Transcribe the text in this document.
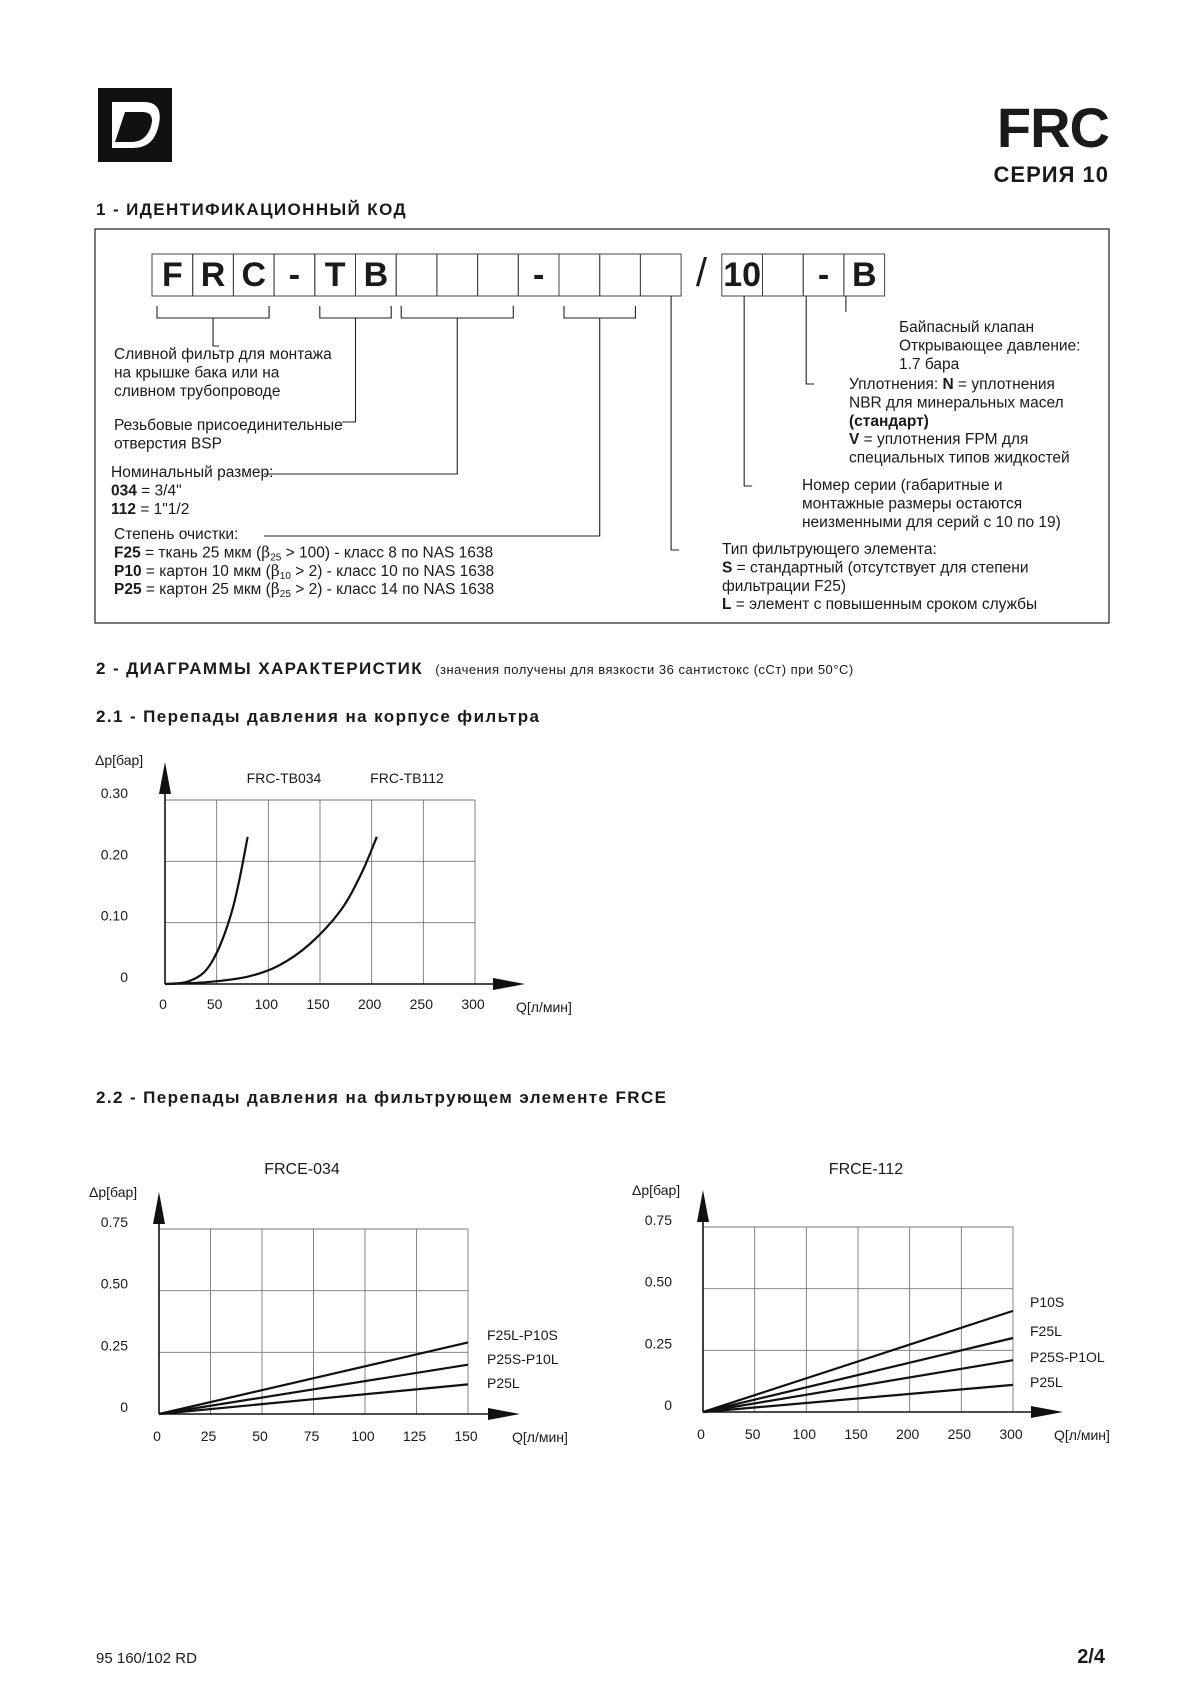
FRC
СЕРИЯ 10
1 - ИДЕНТИФИКАЦИОННЫЙ КОД
F R C - T B	-	/ 10 - B
Сливной фильтр для монтажа
на крышке бака или на
сливном трубопроводе
Резьбовые присоединительные
отверстия BSP
Номинальный размер:
034 = 3/4"
112 = 1"1/2
Степень очистки:
F25 = ткань 25 мкм (β25 > 100) - класс 8 по NAS 1638
P10 = картон 10 мкм (β10 > 2) - класс 10 по NAS 1638
P25 = картон 25 мкм (β25 > 2) - класс 14 по NAS 1638
Байпасный клапан
Открывающее давление:
1.7 бара
Уплотнения: N = уплотнения
NBR для минеральных масел
(стандарт)
V = уплотнения FPM для
специальных типов жидкостей
Номер серии (габаритные и
монтажные размеры остаются
неизменными для серий с 10 по 19)
Тип фильтрующего элемента:
S = стандартный (отсутствует для степени
фильтрации F25)
L = элемент с повышенным сроком службы
2 - ДИАГРАММЫ ХАРАКТЕРИСТИК (значения получены для вязкости 36 сантистокс (сСт) при 50°C)
2.1 - Перепады давления на корпусе фильтра
2.2 - Перепады давления на фильтрующем элементе FRCE
0	50 100 150 200 250 300
0
0.10
0.20
0.30
Δp[бар]
Q[л/мин]
FRC-TB034	FRC-TB112
0	25	50	75 100 125 150
0
0.25
0.50
0.75
Δp[бар]
Q[л/мин]
FRCE-034
F25L-P10S
P25S-P10L
P25L
0	50 100 150 200 250 300
0
0.25
0.50
0.75
Δp[бар]
Q[л/мин]
FRCE-112
P10S
F25L
P25S-P1OL
P25L
95 160/102 RD	2/4
